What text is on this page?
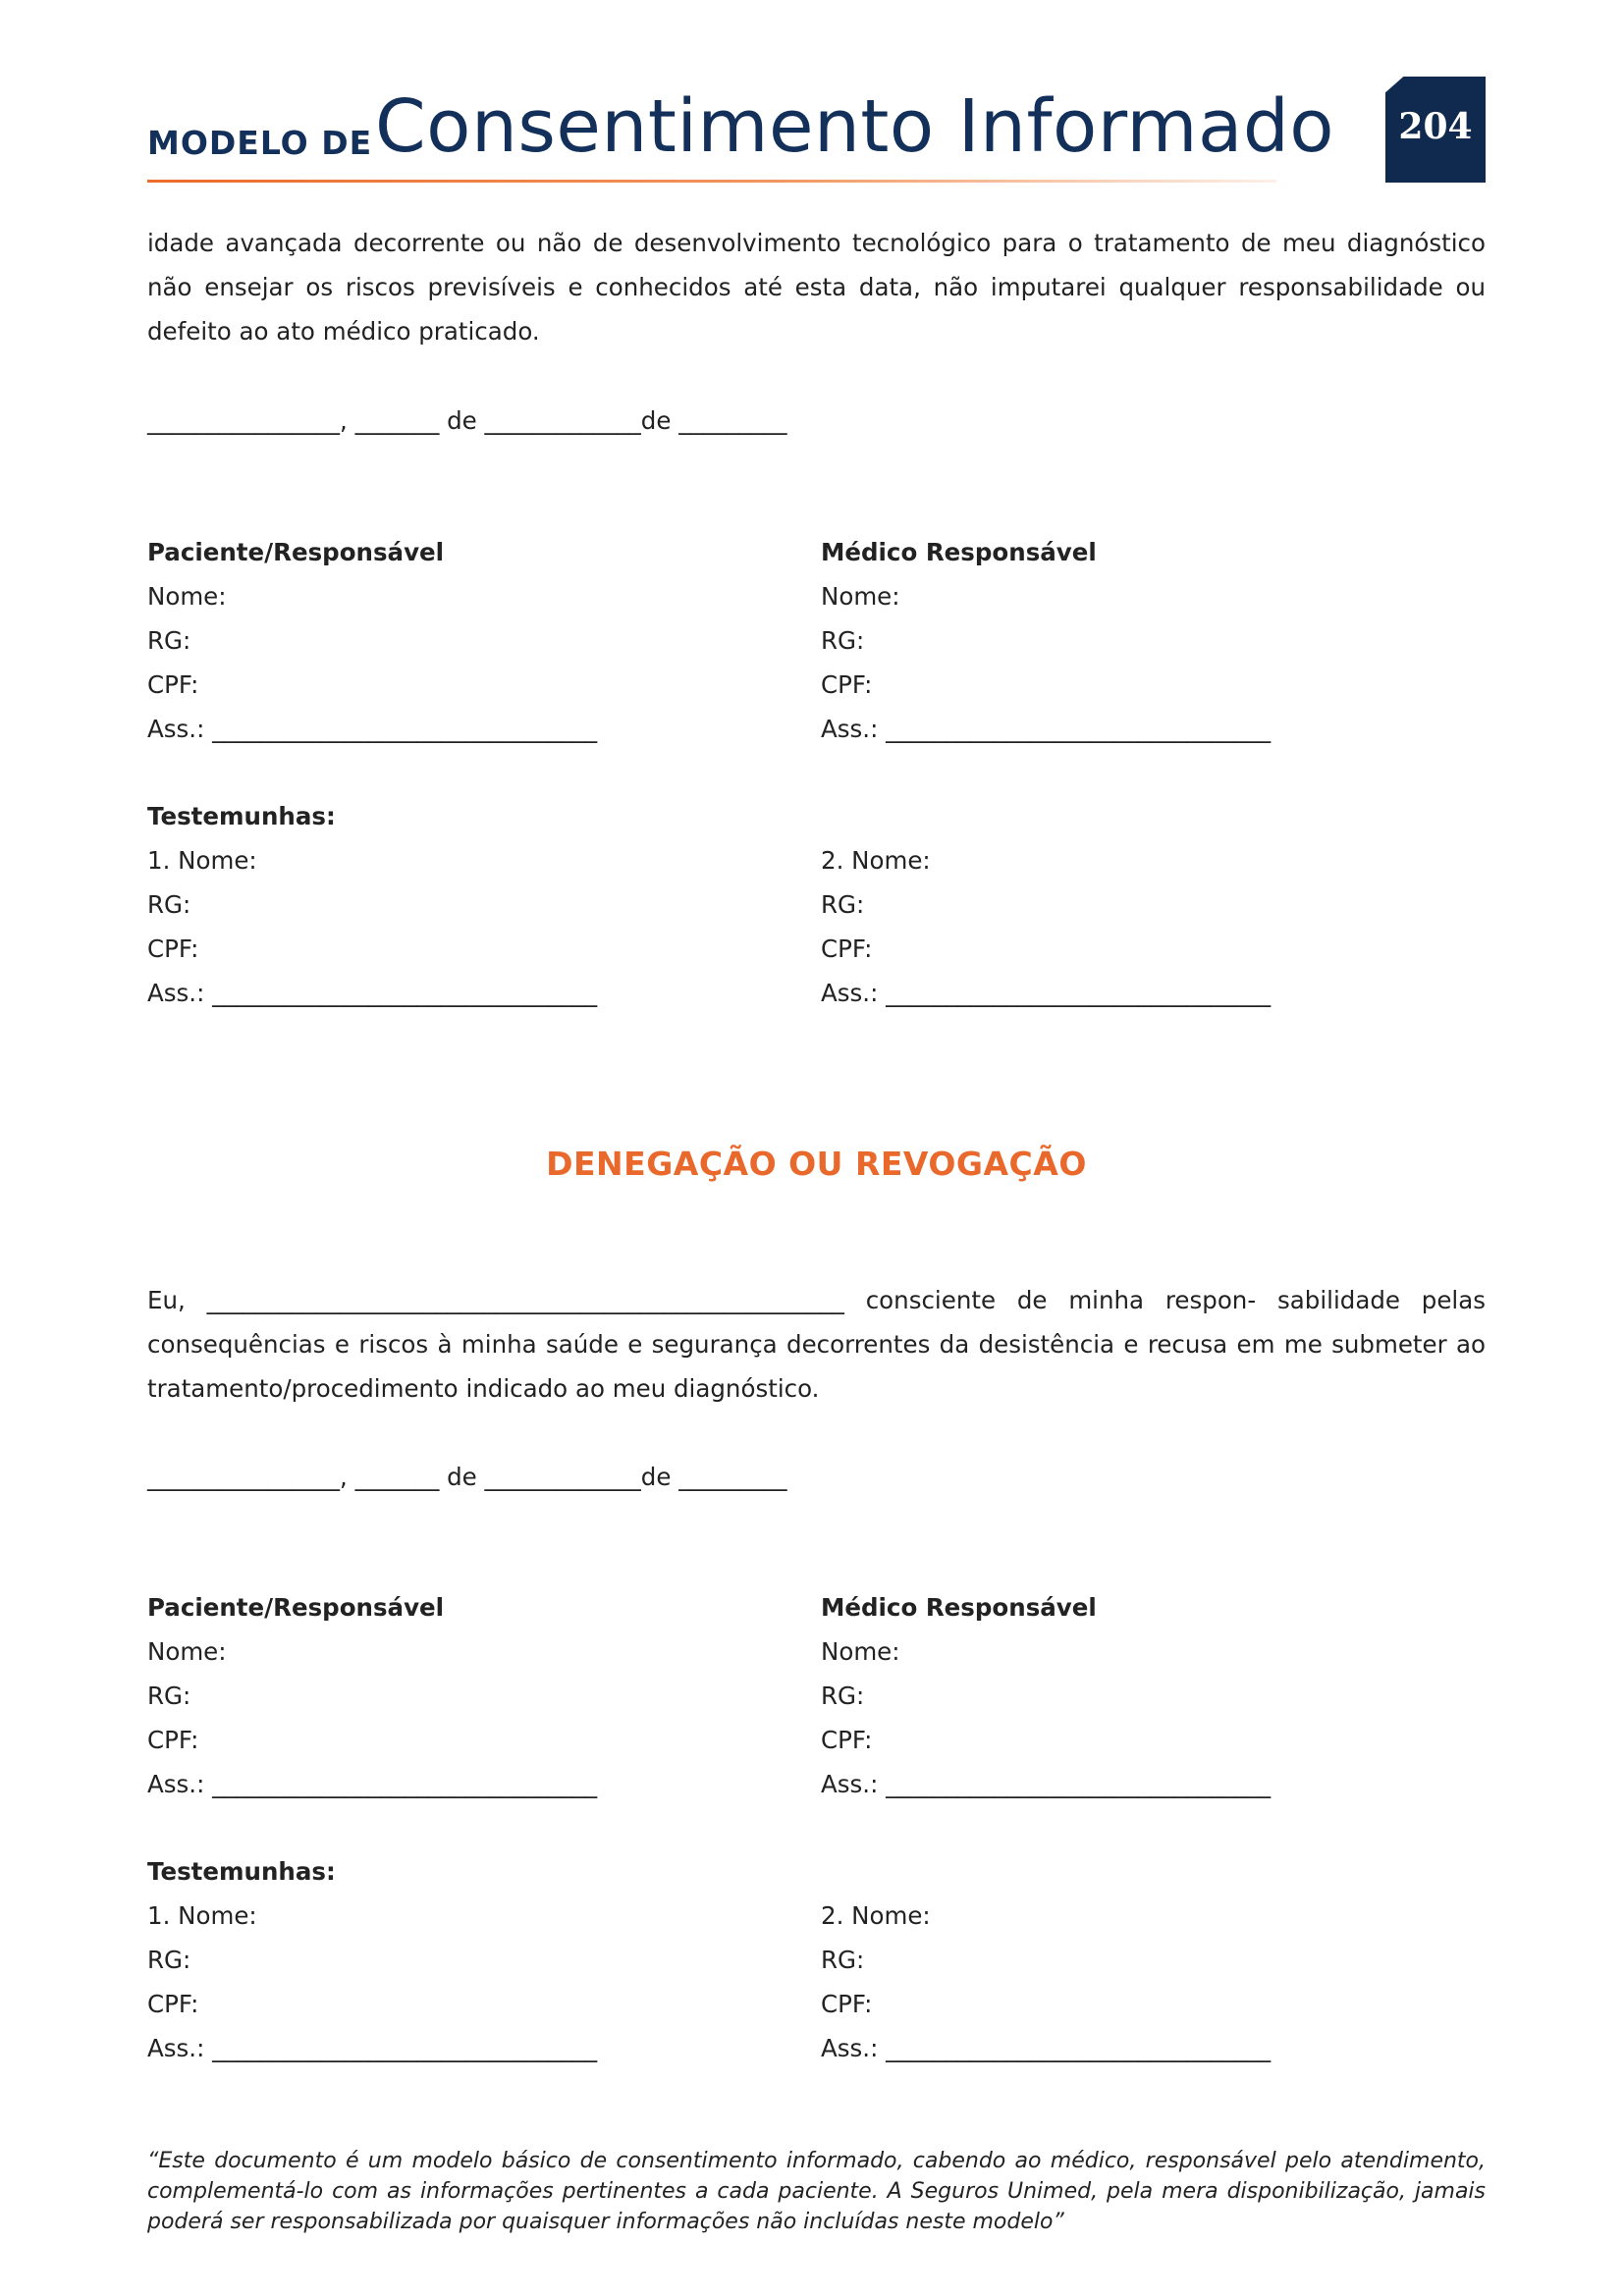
MODELO DE Consentimento Informado	204
idade avançada decorrente ou não de desenvolvimento tecnológico para o tratamento de meu diagnóstico não ensejar os riscos previsíveis e conhecidos até esta data, não imputarei qualquer responsabilidade ou defeito ao ato médico praticado.
________________, _______ de _____________de _________
Paciente/Responsável
Nome:
RG:
CPF:
Ass.: ________________________________
Médico Responsável
Nome:
RG:
CPF:
Ass.: ________________________________
Testemunhas:
1. Nome:
RG:
CPF:
Ass.: ________________________________
2. Nome:
RG:
CPF:
Ass.: ________________________________
DENEGAÇÃO OU REVOGAÇÃO
Eu, _____________________________________________________ consciente de minha respon- sabilidade pelas consequências e riscos à minha saúde e segurança decorrentes da desistência e recusa em me submeter ao tratamento/procedimento indicado ao meu diagnóstico.
________________, _______ de _____________de _________
Paciente/Responsável
Nome:
RG:
CPF:
Ass.: ________________________________
Médico Responsável
Nome:
RG:
CPF:
Ass.: ________________________________
Testemunhas:
1. Nome:
RG:
CPF:
Ass.: ________________________________
2. Nome:
RG:
CPF:
Ass.: ________________________________
“Este documento é um modelo básico de consentimento informado, cabendo ao médico, responsável pelo atendimento, complementá-lo com as informações pertinentes a cada paciente. A Seguros Unimed, pela mera disponibilização, jamais poderá ser responsabilizada por quaisquer informações não incluídas neste modelo”
